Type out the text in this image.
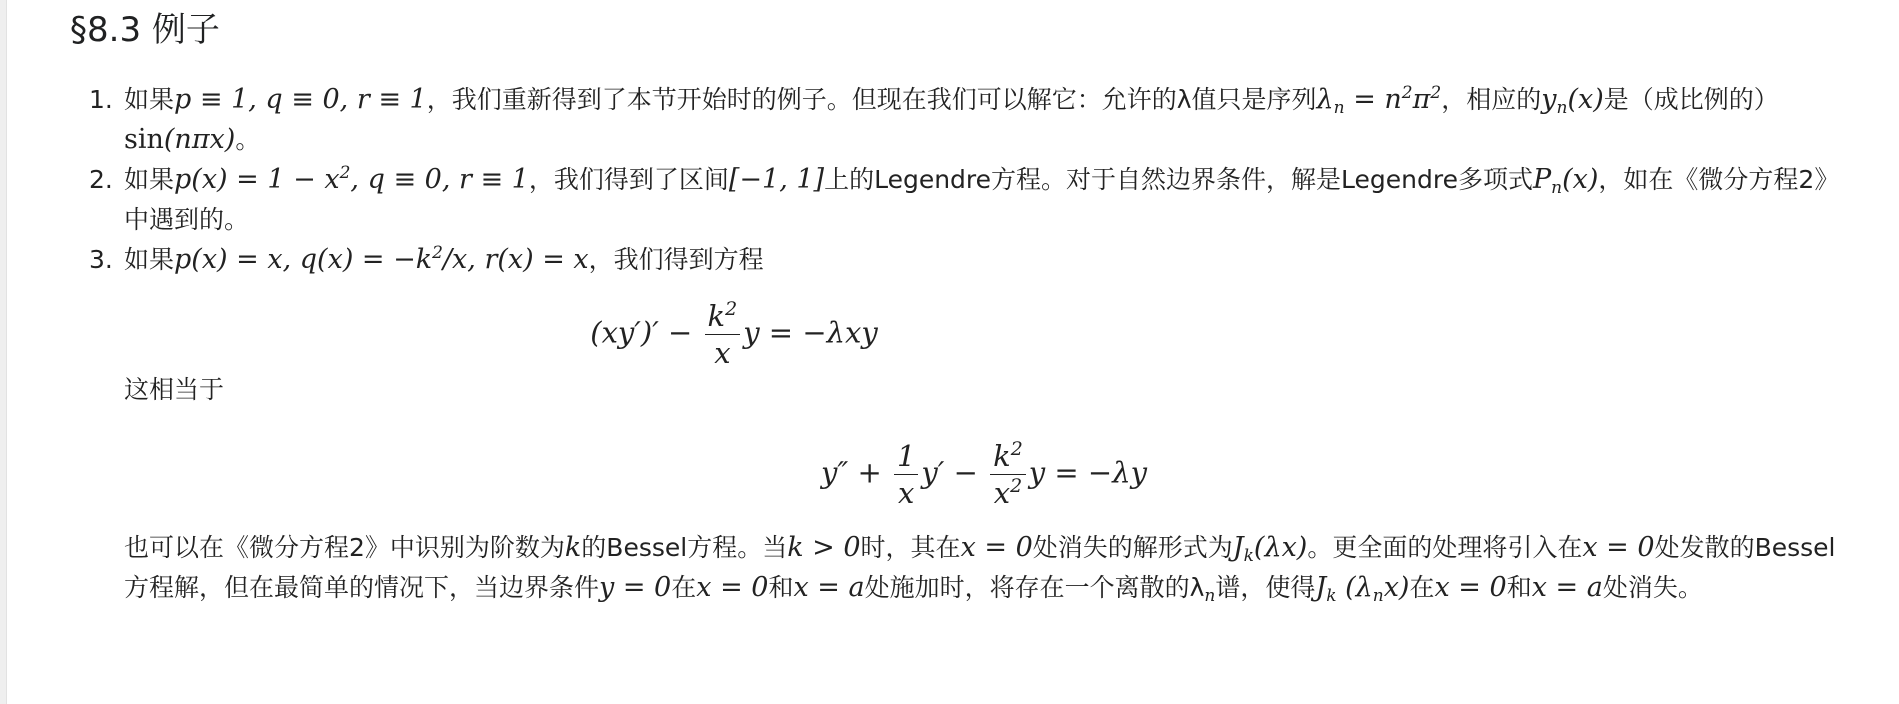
§8.3 例子
1. 如果p ≡ 1, q ≡ 0, r ≡ 1，我们重新得到了本节开始时的例子。但现在我们可以解它：允许的λ值只是序列$\lambda_n = n^2\pi^2$，相应的$y_n(x)$是（成比例的）sin(nπx)。
2. 如果$p(x) = 1 - x^2$, q ≡ 0, r ≡ 1，我们得到了区间[−1, 1]上的Legendre方程。对于自然边界条件，解是Legendre多项式$P_n(x)$，如在《微分方程2》中遇到的。
3. 如果p(x) = x, $q(x) = -k^2/x$, r(x) = x，我们得到方程
$(xy')' - \frac{k^2}{x}$ y = −λxy
这相当于
$y'' + \frac{1}{x} y' - \frac{k^2}{x^2}$ y = −λy
也可以在《微分方程2》中识别为阶数为k的Bessel方程。当k > 0时，其在x = 0处消失的解形式为$J_k(\lambda x)$。更全面的处理将引入在x = 0处发散的Bessel方程解，但在最简单的情况下，当边界条件y = 0在x = 0和x = a处施加时，将存在一个离散的$\lambda_n$谱，使得$J_k$ $(\lambda_nx)$在x = 0和x = a处消失。
